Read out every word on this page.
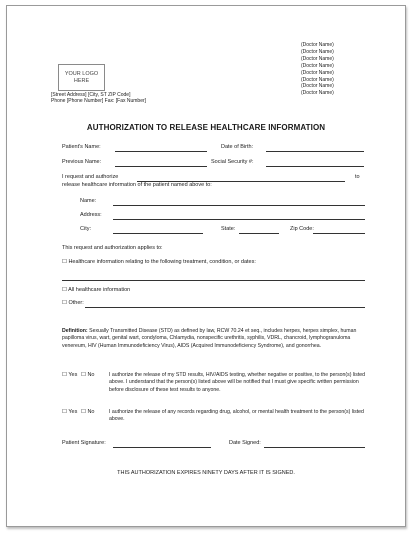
YOUR LOGO
HERE
(Doctor Name)
(Doctor Name)
(Doctor Name)
(Doctor Name)
(Doctor Name)
(Doctor Name)
(Doctor Name)
(Doctor Name)
[Street Address] [City, ST ZIP Code]
Phone [Phone Number] Fax: [Fax Number]
AUTHORIZATION TO RELEASE HEALTHCARE INFORMATION
Patient's Name:	Date of Birth:
Previous Name:	Social Security #:
I request and authorize	to
release healthcare information of the patient named above to:
Name:
Address:
City:	State:	Zip Code:
This request and authorization applies to:
☐ Healthcare information relating to the following treatment, condition, or dates:
☐ All healthcare information
☐ Other:
Definition: Sexually Transmitted Disease (STD) as defined by law, RCW 70.24 et seq., includes herpes, herpes simplex, human papilloma virus, wart, genital wart, condyloma, Chlamydia, nonspecific urethritis, syphilis, VDRL, chancroid, lymphogranuloma venereum, HIV (Human Immunodeficiency Virus), AIDS (Acquired Immunodeficiency Syndrome), and gonorrhea.
☐ Yes ☐ No	I authorize the release of my STD results, HIV/AIDS testing, whether negative or positive, to the person(s) listed above. I understand that the person(s) listed above will be notified that I must give specific written permission before disclosure of these test results to anyone.
☐ Yes ☐ No	I authorize the release of any records regarding drug, alcohol, or mental health treatment to the person(s) listed above.
Patient Signature:	Date Signed:
THIS AUTHORIZATION EXPIRES NINETY DAYS AFTER IT IS SIGNED.
